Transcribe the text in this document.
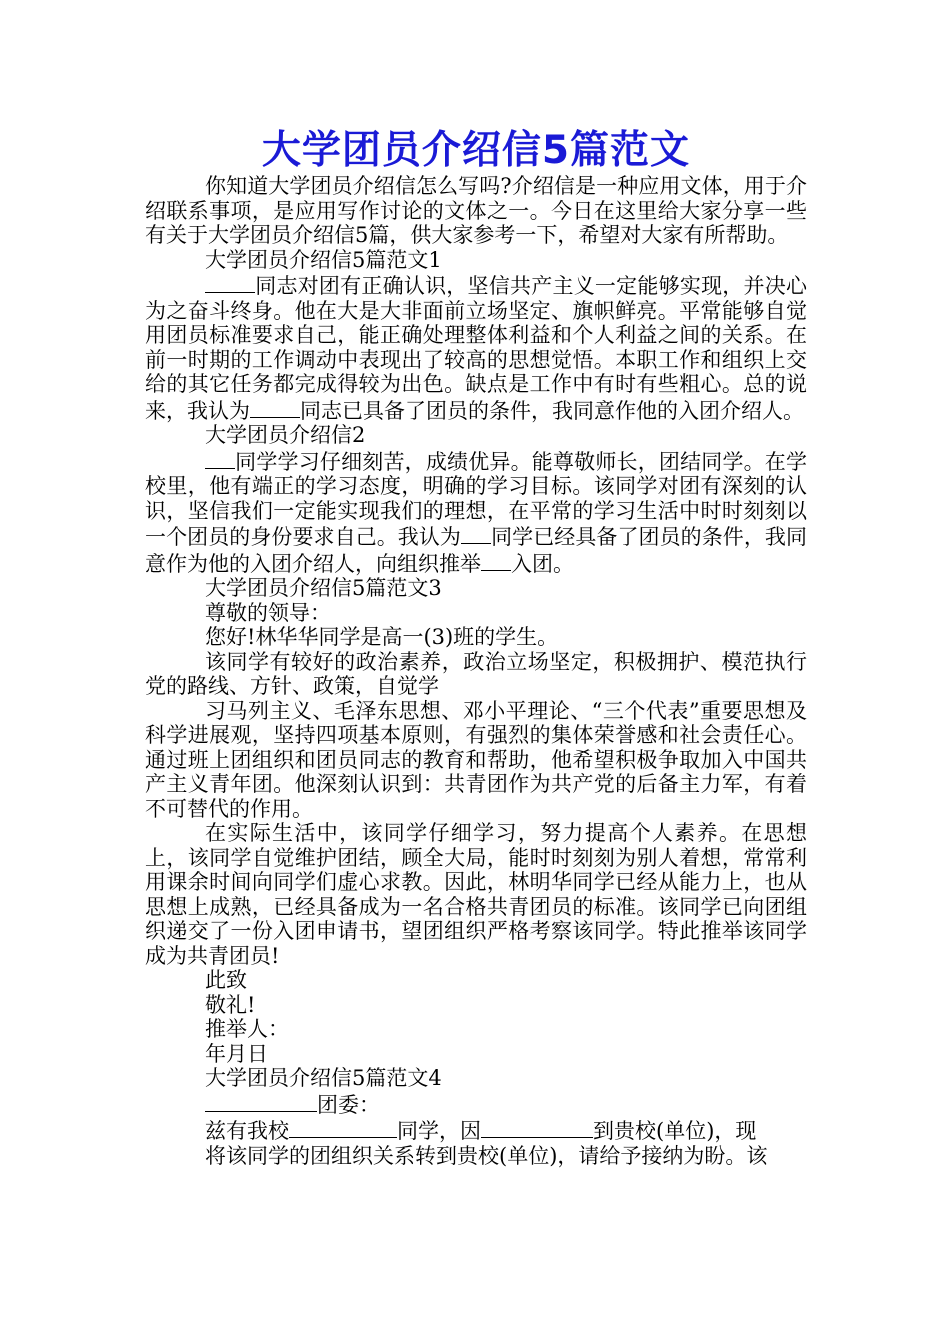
大学团员介绍信5篇范文

你知道大学团员介绍信怎么写吗?介绍信是一种应用文体，用于介绍联系事项，是应用写作讨论的文体之一。今日在这里给大家分享一些有关于大学团员介绍信5篇，供大家参考一下，希望对大家有所帮助。

大学团员介绍信5篇范文1

同志对团有正确认识，坚信共产主义一定能够实现，并决心为之奋斗终身。他在大是大非面前立场坚定、旗帜鲜亮。平常能够自觉用团员标准要求自己，能正确处理整体利益和个人利益之间的关系。在前一时期的工作调动中表现出了较高的思想觉悟。本职工作和组织上交给的其它任务都完成得较为出色。缺点是工作中有时有些粗心。总的说来，我认为 同志已具备了团员的条件，我同意作他的入团介绍人。

大学团员介绍信2

同学学习仔细刻苦，成绩优异。能尊敬师长，团结同学。在学校里，他有端正的学习态度，明确的学习目标。该同学对团有深刻的认识，坚信我们一定能实现我们的理想，在平常的学习生活中时时刻刻以一个团员的身份要求自己。我认为 同学已经具备了团员的条件，我同意作为他的入团介绍人，向组织推举 入团。

大学团员介绍信5篇范文3

尊敬的领导：

您好!林华华同学是高一(3)班的学生。

该同学有较好的政治素养，政治立场坚定，积极拥护、模范执行党的路线、方针、政策，自觉学

习马列主义、毛泽东思想、邓小平理论、“三个代表”重要思想及科学进展观，坚持四项基本原则，有强烈的集体荣誉感和社会责任心。通过班上团组织和团员同志的教育和帮助，他希望积极争取加入中国共产主义青年团。他深刻认识到：共青团作为共产党的后备主力军，有着不可替代的作用。

在实际生活中，该同学仔细学习，努力提高个人素养。在思想上，该同学自觉维护团结，顾全大局，能时时刻刻为别人着想，常常利用课余时间向同学们虚心求教。因此，林明华同学已经从能力上，也从思想上成熟，已经具备成为一名合格共青团员的标准。该同学已向团组织递交了一份入团申请书，望团组织严格考察该同学。特此推举该同学成为共青团员!

此致

敬礼!

推举人：

年月日

大学团员介绍信5篇范文4

团委：

兹有我校	同学，因	到贵校(单位)，现

将该同学的团组织关系转到贵校(单位)，请给予接纳为盼。该
